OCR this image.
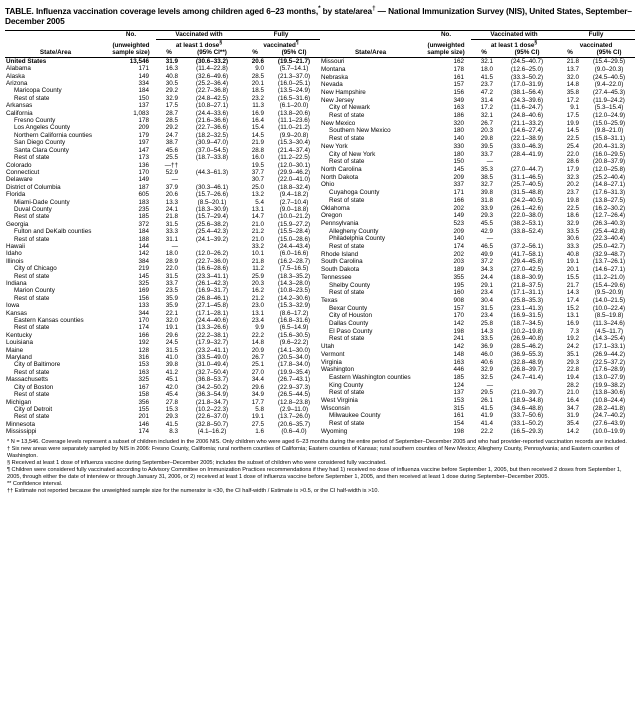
TABLE. Influenza vaccination coverage levels among children aged 6–23 months,* by state/area† — National Immunization Survey (NIS), United States, September–December 2005
	No.	Vaccinated with		Fully	
	(unweighted	at least 1 dose§		vaccinated¶
State/Area	sample size)	%	(95% CI**)	%	(95% CI)
United States	13,546	31.9	(30.6–33.2)	20.6	(19.5–21.7)
Alabama	171	16.3	(11.4–22.8)	9.0	(5.7–14.1)
Alaska	149	40.8	(32.6–49.6)	28.5	(21.3–37.0)
Arizona	334	30.5	(25.2–36.4)	20.1	(16.0–25.1)
Maricopa County	184	29.2	(22.7–36.8)	18.5	(13.5–24.9)
Rest of state	150	32.9	(24.8–42.5)	23.2	(16.5–31.6)
Arkansas	137	17.5	(10.8–27.1)	11.3	(6.1–20.0)
California	1,083	28.7	(24.4–33.6)	16.9	(13.8–20.6)
Fresno County	178	28.5	(21.6–36.6)	16.4	(11.1–23.6)
Los Angeles County	209	29.2	(22.7–36.6)	15.4	(11.0–21.2)
Northern California counties	179	24.7	(18.2–32.5)	14.5	(9.9–20.8)
San Diego County	197	38.7	(30.9–47.0)	21.9	(15.3–30.4)
Santa Clara County	147	45.6	(37.0–54.5)	28.8	(21.4–37.4)
Rest of state	173	25.5	(18.7–33.8)	16.0	(11.2–22.5)
Colorado	136	—††		19.5	(12.0–30.1)
Connecticut	170	52.9	(44.3–61.3)	37.7	(29.9–46.2)
Delaware	149	—		30.7	(22.0–41.0)
District of Columbia	187	37.9	(30.3–46.1)	25.0	(18.8–32.4)
Florida	605	20.6	(15.7–26.6)	13.2	(9.4–18.2)
Miami-Dade County	183	13.3	(8.5–20.1)	5.4	(2.7–10.4)
Duval County	235	24.1	(18.3–30.9)	13.1	(9.0–18.8)
Rest of state	185	21.8	(15.7–29.4)	14.7	(10.0–21.2)
Georgia	372	31.5	(25.6–38.2)	21.0	(15.9–27.2)
Fulton and DeKalb counties	184	33.3	(25.4–42.3)	21.2	(15.5–28.4)
Rest of state	188	31.1	(24.1–39.2)	21.0	(15.0–28.6)
Hawaii	144	—		33.2	(24.4–43.4)
Idaho	142	18.0	(12.0–26.2)	10.1	(6.0–16.6)
Illinois	384	28.9	(22.7–36.0)	21.8	(16.2–28.7)
City of Chicago	219	22.0	(16.6–28.6)	11.2	(7.5–16.5)
Rest of state	145	31.5	(23.3–41.1)	25.9	(18.3–35.2)
Indiana	325	33.7	(26.1–42.3)	20.3	(14.3–28.0)
Marion County	169	23.5	(16.9–31.7)	16.2	(10.8–23.5)
Rest of state	156	35.9	(26.8–46.1)	21.2	(14.2–30.6)
Iowa	133	35.9	(27.1–45.8)	23.0	(15.3–32.9)
Kansas	344	22.1	(17.1–28.1)	13.1	(8.6–17.2)
Eastern Kansas counties	170	32.0	(24.4–40.6)	23.4	(16.8–31.6)
Rest of state	174	19.1	(13.3–26.6)	9.9	(6.5–14.9)
Kentucky	166	29.6	(22.2–38.1)	22.2	(15.6–30.5)
Louisiana	192	24.5	(17.9–32.7)	14.8	(9.6–22.2)
Maine	128	31.5	(23.2–41.1)	20.9	(14.1–30.0)
Maryland	316	41.0	(33.5–49.0)	26.7	(20.5–34.0)
City of Baltimore	153	39.8	(31.0–49.4)	25.1	(17.8–34.0)
Rest of state	163	41.2	(32.7–50.4)	27.0	(19.9–35.4)
Massachusetts	325	45.1	(36.8–53.7)	34.4	(26.7–43.1)
City of Boston	167	42.0	(34.2–50.2)	29.6	(22.9–37.3)
Rest of state	158	45.4	(36.3–54.9)	34.9	(26.5–44.5)
Michigan	356	27.8	(21.8–34.7)	17.7	(12.8–23.8)
City of Detroit	155	15.3	(10.2–22.3)	5.8	(2.9–11.0)
Rest of state	201	29.3	(22.6–37.0)	19.1	(13.7–26.0)
Minnesota	146	41.5	(32.8–50.7)	27.5	(20.6–35.7)
Mississippi	174	8.3	(4.1–16.2)	1.6	(0.6–4.0)
	No.	Vaccinated with		Fully	
	(unweighted	at least 1 dose§		vaccinated	
State/Area	sample size)	%	(95% CI)	%	(95% CI)
Missouri	162	32.1	(24.5–40.7)	21.8	(15.4–29.5)
Montana	178	18.0	(12.6–25.0)	13.7	(9.0–20.3)
Nebraska	161	41.5	(33.3–50.2)	32.0	(24.5–40.5)
Nevada	157	23.7	(17.0–31.9)	14.8	(9.4–22.0)
New Hampshire	156	47.2	(38.1–56.4)	35.8	(27.4–45.3)
New Jersey	349	31.4	(24.3–39.6)	17.2	(11.9–24.2)
City of Newark	163	17.2	(11.6–24.7)	9.1	(5.3–15.4)
Rest of state	186	32.1	(24.8–40.6)	17.5	(12.0–24.9)
New Mexico	320	26.7	(21.1–33.2)	19.9	(15.0–25.9)
Southern New Mexico	180	20.3	(14.6–27.4)	14.5	(9.8–21.0)
Rest of state	140	29.8	(22.1–38.9)	22.5	(15.8–31.1)
New York	330	39.5	(33.0–46.3)	25.4	(20.4–31.3)
City of New York	180	33.7	(28.4–41.9)	22.0	(16.0–29.5)
Rest of state	150	—		28.6	(20.8–37.9)
North Carolina	145	35.3	(27.0–44.7)	17.9	(12.0–25.8)
North Dakota	209	38.5	(31.1–46.5)	32.3	(25.2–40.4)
Ohio	337	32.7	(25.7–40.5)	20.2	(14.8–27.1)
Cuyahoga County	171	39.8	(31.5–48.8)	23.7	(17.6–31.3)
Rest of state	166	31.8	(24.2–40.5)	19.8	(13.8–27.5)
Oklahoma	202	33.9	(26.1–42.6)	22.5	(16.2–30.2)
Oregon	149	29.3	(22.0–38.0)	18.6	(12.7–26.4)
Pennsylvania	523	45.5	(38.2–53.1)	32.9	(26.3–40.3)
Allegheny County	209	42.9	(33.8–52.4)	33.5	(25.4–42.8)
Philadelphia County	140	—		30.6	(22.3–40.4)
Rest of state	174	46.5	(37.2–56.1)	33.3	(25.0–42.7)
Rhode Island	202	49.9	(41.7–58.1)	40.8	(32.9–48.7)
South Carolina	203	37.2	(29.4–45.8)	19.1	(13.7–26.1)
South Dakota	189	34.3	(27.0–42.5)	20.1	(14.6–27.1)
Tennessee	355	24.4	(18.8–30.9)	15.5	(11.2–21.0)
Shelby County	195	29.1	(21.8–37.5)	21.7	(15.4–29.6)
Rest of state	160	23.4	(17.1–31.1)	14.3	(9.5–20.9)
Texas	908	30.4	(25.8–35.3)	17.4	(14.0–21.5)
Bexar County	157	31.5	(23.1–41.3)	15.2	(10.0–22.4)
City of Houston	170	23.4	(16.9–31.5)	13.1	(8.5–19.8)
Dallas County	142	25.8	(18.7–34.5)	16.9	(11.3–24.6)
El Paso County	198	14.3	(10.2–19.8)	7.3	(4.5–11.7)
Rest of state	241	33.5	(26.9–40.8)	19.2	(14.3–25.4)
Utah	142	36.9	(28.5–46.2)	24.2	(17.1–33.1)
Vermont	148	46.0	(36.9–55.3)	35.1	(26.9–44.2)
Virginia	163	40.6	(32.8–48.9)	29.3	(22.5–37.2)
Washington	446	32.9	(26.8–39.7)	22.8	(17.6–28.9)
Eastern Washington counties	185	32.5	(24.7–41.4)	19.4	(13.0–27.9)
King County	124	—		28.2	(19.9–38.2)
Rest of state	137	29.5	(21.0–39.7)	21.0	(13.8–30.6)
West Virginia	153	26.1	(18.9–34.8)	16.4	(10.8–24.4)
Wisconsin	315	41.5	(34.6–48.8)	34.7	(28.2–41.8)
Milwaukee County	161	41.9	(33.7–50.6)	31.9	(24.7–40.2)
Rest of state	154	41.4	(33.1–50.2)	35.4	(27.6–43.9)
Wyoming	198	22.2	(16.5–29.3)	14.2	(10.0–19.9)
* N = 13,546. Coverage levels represent a subset of children included in the 2006 NIS. Only children who were aged 6–23 months during the entire period of September–December 2005 and who had provider-reported vaccination records are included.
† Six new areas were separately sampled by NIS in 2006: Fresno County, California; rural northern counties of California; Eastern counties of Kansas; rural southern counties of New Mexico; Allegheny County, Pennsylvania; and Eastern counties of Washington.
§ Received at least 1 dose of influenza vaccine during September–December 2005; includes the subset of children who were considered fully vaccinated.
¶ Children were considered fully vaccinated according to Advisory Committee on Immunization Practices recommendations if they had 1) received no dose of influenza vaccine before September 1, 2005, but then received 2 doses from September 1, 2005, through either the date of interview or through January 31, 2006, or 2) received at least 1 dose of influenza vaccine before September 1, 2005, and then received at least 1 dose during September–December 2005.
** Confidence interval.
†† Estimate not reported because the unweighted sample size for the numerator is <30, the CI half-width / Estimate is >0.5, or the CI half-width is >10.
